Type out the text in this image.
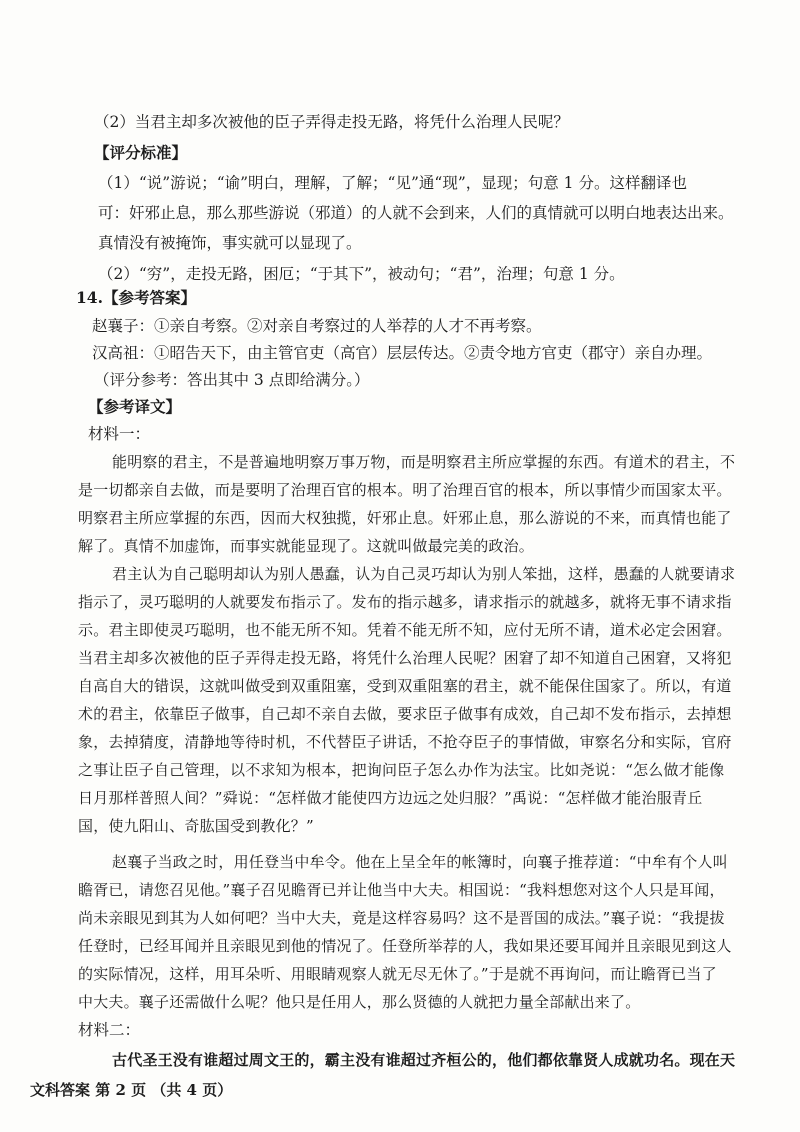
（2）当君主却多次被他的臣子弄得走投无路，将凭什么治理人民呢？
【评分标准】
（1）“说”游说；“谕”明白，理解，了解；“见”通“现”，显现；句意 1 分。这样翻译也
可：奸邪止息，那么那些游说（邪道）的人就不会到来，人们的真情就可以明白地表达出来。
真情没有被掩饰，事实就可以显现了。
（2）“穷”，走投无路，困厄；“于其下”，被动句；“君”，治理；句意 1 分。
14.【参考答案】
赵襄子：①亲自考察。②对亲自考察过的人举荐的人才不再考察。
汉高祖：①昭告天下，由主管官吏（高官）层层传达。②责令地方官吏（郡守）亲自办理。
（评分参考：答出其中 3 点即给满分。）
【参考译文】
材料一：
能明察的君主，不是普遍地明察万事万物，而是明察君主所应掌握的东西。有道术的君主，不
是一切都亲自去做，而是要明了治理百官的根本。明了治理百官的根本，所以事情少而国家太平。
明察君主所应掌握的东西，因而大权独揽，奸邪止息。奸邪止息，那么游说的不来，而真情也能了
解了。真情不加虚饰，而事实就能显现了。这就叫做最完美的政治。
君主认为自己聪明却认为别人愚蠢，认为自己灵巧却认为别人笨拙，这样，愚蠢的人就要请求
指示了，灵巧聪明的人就要发布指示了。发布的指示越多，请求指示的就越多，就将无事不请求指
示。君主即使灵巧聪明，也不能无所不知。凭着不能无所不知，应付无所不请，道术必定会困窘。
当君主却多次被他的臣子弄得走投无路，将凭什么治理人民呢？困窘了却不知道自己困窘，又将犯
自高自大的错误，这就叫做受到双重阻塞，受到双重阻塞的君主，就不能保住国家了。所以，有道
术的君主，依靠臣子做事，自己却不亲自去做，要求臣子做事有成效，自己却不发布指示，去掉想
象，去掉猜度，清静地等待时机，不代替臣子讲话，不抢夺臣子的事情做，审察名分和实际，官府
之事让臣子自己管理，以不求知为根本，把询问臣子怎么办作为法宝。比如尧说：“怎么做才能像
日月那样普照人间？”舜说：“怎样做才能使四方边远之处归服？”禹说：“怎样做才能治服青丘
国，使九阳山、奇肱国受到教化？”
赵襄子当政之时，用任登当中牟令。他在上呈全年的帐簿时，向襄子推荐道：“中牟有个人叫
瞻胥已，请您召见他。”襄子召见瞻胥已并让他当中大夫。相国说：“我料想您对这个人只是耳闻，
尚未亲眼见到其为人如何吧？当中大夫，竟是这样容易吗？这不是晋国的成法。”襄子说：“我提拔
任登时，已经耳闻并且亲眼见到他的情况了。任登所举荐的人，我如果还要耳闻并且亲眼见到这人
的实际情况，这样，用耳朵听、用眼睛观察人就无尽无休了。”于是就不再询问，而让瞻胥已当了
中大夫。襄子还需做什么呢？他只是任用人，那么贤德的人就把力量全部献出来了。
材料二：
古代圣王没有谁超过周文王的，霸主没有谁超过齐桓公的，他们都依靠贤人成就功名。现在天
文科答案 第 2 页 （共 4 页）
